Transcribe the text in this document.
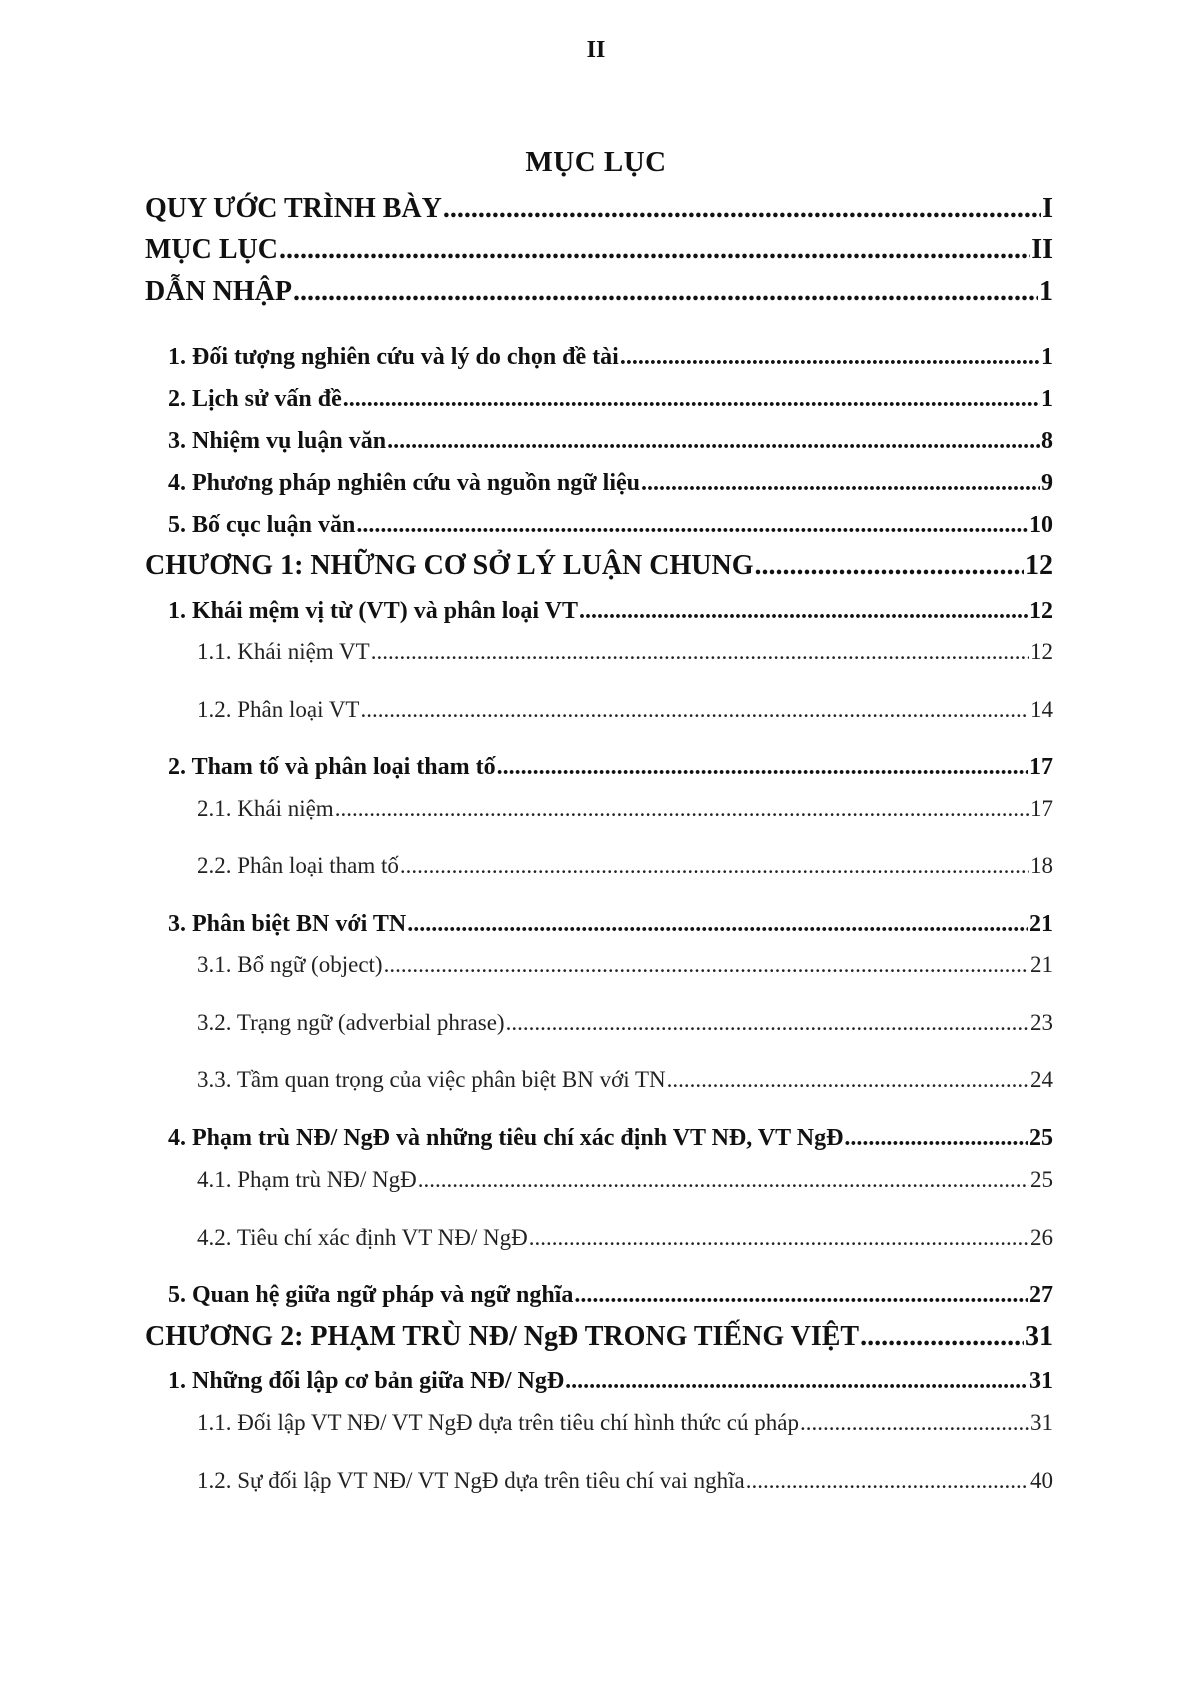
II
MỤC LỤC
QUY ƯỚC TRÌNH BÀY .....	I
MỤC LỤC .....	II
DẪN NHẬP .....	1
1. Đối tượng nghiên cứu và lý do chọn đề tài .....	1
2. Lịch sử vấn đề .....	1
3. Nhiệm vụ luận văn .....	8
4. Phương pháp nghiên cứu và nguồn ngữ liệu .....	9
5. Bố cục luận văn .....	10
CHƯƠNG 1: NHỮNG CƠ SỞ LÝ LUẬN CHUNG .....	12
1. Khái mệm vị từ (VT) và phân loại VT .....	12
1.1. Khái niệm VT .....	12
1.2. Phân loại VT .....	14
2. Tham tố và phân loại tham tố .....	17
2.1. Khái niệm .....	17
2.2. Phân loại tham tố .....	18
3. Phân biệt BN với TN .....	21
3.1. Bổ ngữ (object) .....	21
3.2. Trạng ngữ (adverbial phrase) .....	23
3.3. Tầm quan trọng của việc phân biệt BN với TN .....	24
4. Phạm trù NĐ/ NgĐ và những tiêu chí xác định VT NĐ, VT NgĐ .....	25
4.1. Phạm trù NĐ/ NgĐ .....	25
4.2. Tiêu chí xác định VT NĐ/ NgĐ .....	26
5. Quan hệ giữa ngữ pháp và ngữ nghĩa .....	27
CHƯƠNG 2: PHẠM TRÙ NĐ/ NgĐ TRONG TIẾNG VIỆT .....	31
1. Những đối lập cơ bản giữa NĐ/ NgĐ .....	31
1.1. Đối lập VT NĐ/ VT NgĐ dựa trên tiêu chí hình thức cú pháp .....	31
1.2. Sự đối lập VT NĐ/ VT NgĐ dựa trên tiêu chí vai nghĩa .....	40
